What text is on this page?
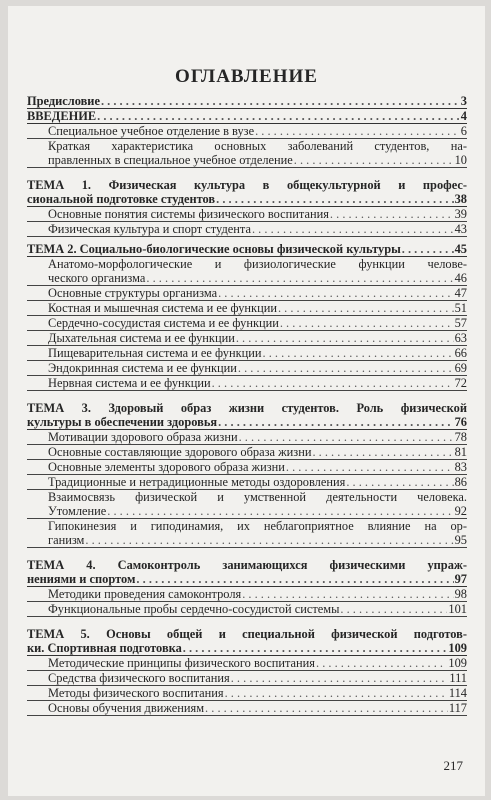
ОГЛАВЛЕНИЕ
Предисловие . . .	3
ВВЕДЕНИЕ . . .	4
Специальное учебное отделение в вузе . . .	6
Краткая характеристика основных заболеваний студентов, на-
правленных в специальное учебное отделение . . .	10
ТЕМА 1. Физическая культура в общекультурной и профес-
сиональной подготовке студентов . . .	38
Основные понятия системы физического воспитания . . .	39
Физическая культура и спорт студента . . .	43
ТЕМА 2. Социально-биологические основы физической культуры . . .	45
Анатомо-морфологические и физиологические функции челове-
ческого организма . . .	46
Основные структуры организма . . .	47
Костная и мышечная система и ее функции . . .	51
Сердечно-сосудистая система и ее функции . . .	57
Дыхательная система и ее функции . . .	63
Пищеварительная система и ее функции . . .	66
Эндокринная система и ее функции . . .	69
Нервная система и ее функции . . .	72
ТЕМА 3. Здоровый образ жизни студентов. Роль физической
культуры в обеспечении здоровья . . .	76
Мотивации здорового образа жизни . . .	78
Основные составляющие здорового образа жизни . . .	81
Основные элементы здорового образа жизни . . .	83
Традиционные и нетрадиционные методы оздоровления . . .	86
Взаимосвязь физической и умственной деятельности человека.
Утомление . . .	92
Гипокинезия и гиподинамия, их неблагоприятное влияние на ор-
ганизм . . .	95
ТЕМА 4. Самоконтроль занимающихся физическими упраж-
нениями и спортом . . .	97
Методики проведения самоконтроля . . .	98
Функциональные пробы сердечно-сосудистой системы . . .	101
ТЕМА 5. Основы общей и специальной физической подготов-
ки. Спортивная подготовка . . .	109
Методические принципы физического воспитания . . .	109
Средства физического воспитания . . .	111
Методы физического воспитания . . .	114
Основы обучения движениям . . .	117
217
